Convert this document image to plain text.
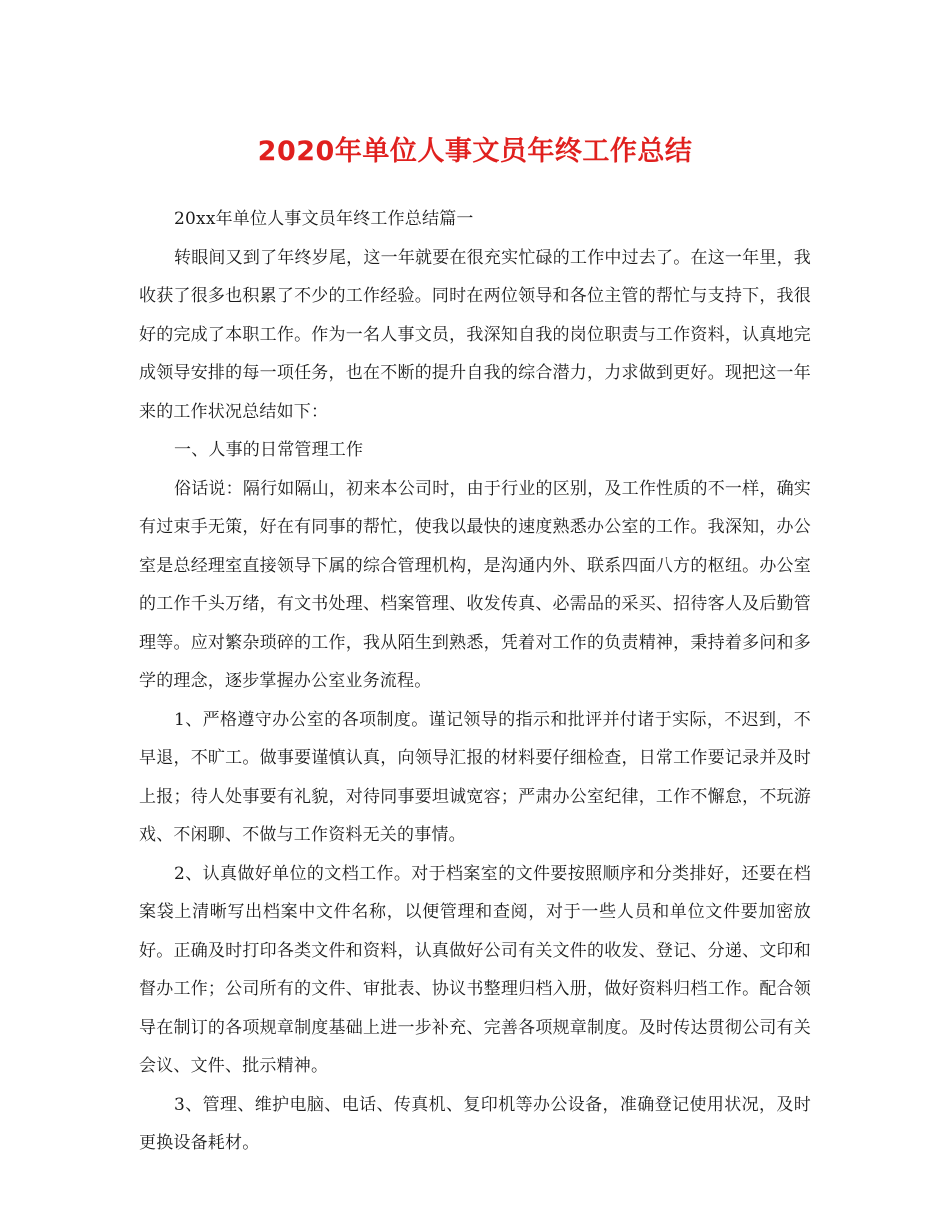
2020年单位人事文员年终工作总结

20xx年单位人事文员年终工作总结篇一

转眼间又到了年终岁尾，这一年就要在很充实忙碌的工作中过去了。在这一年里，我收获了很多也积累了不少的工作经验。同时在两位领导和各位主管的帮忙与支持下，我很好的完成了本职工作。作为一名人事文员，我深知自我的岗位职责与工作资料，认真地完成领导安排的每一项任务，也在不断的提升自我的综合潜力，力求做到更好。现把这一年来的工作状况总结如下：

一、人事的日常管理工作

俗话说：隔行如隔山，初来本公司时，由于行业的区别，及工作性质的不一样，确实有过束手无策，好在有同事的帮忙，使我以最快的速度熟悉办公室的工作。我深知，办公室是总经理室直接领导下属的综合管理机构，是沟通内外、联系四面八方的枢纽。办公室的工作千头万绪，有文书处理、档案管理、收发传真、必需品的采买、招待客人及后勤管理等。应对繁杂琐碎的工作，我从陌生到熟悉，凭着对工作的负责精神，秉持着多问和多学的理念，逐步掌握办公室业务流程。

1、严格遵守办公室的各项制度。谨记领导的指示和批评并付诸于实际，不迟到，不早退，不旷工。做事要谨慎认真，向领导汇报的材料要仔细检查，日常工作要记录并及时上报；待人处事要有礼貌，对待同事要坦诚宽容；严肃办公室纪律，工作不懈怠，不玩游戏、不闲聊、不做与工作资料无关的事情。

2、认真做好单位的文档工作。对于档案室的文件要按照顺序和分类排好，还要在档案袋上清晰写出档案中文件名称，以便管理和查阅，对于一些人员和单位文件要加密放好。正确及时打印各类文件和资料，认真做好公司有关文件的收发、登记、分递、文印和督办工作；公司所有的文件、审批表、协议书整理归档入册，做好资料归档工作。配合领导在制订的各项规章制度基础上进一步补充、完善各项规章制度。及时传达贯彻公司有关会议、文件、批示精神。

3、管理、维护电脑、电话、传真机、复印机等办公设备，准确登记使用状况，及时更换设备耗材。
